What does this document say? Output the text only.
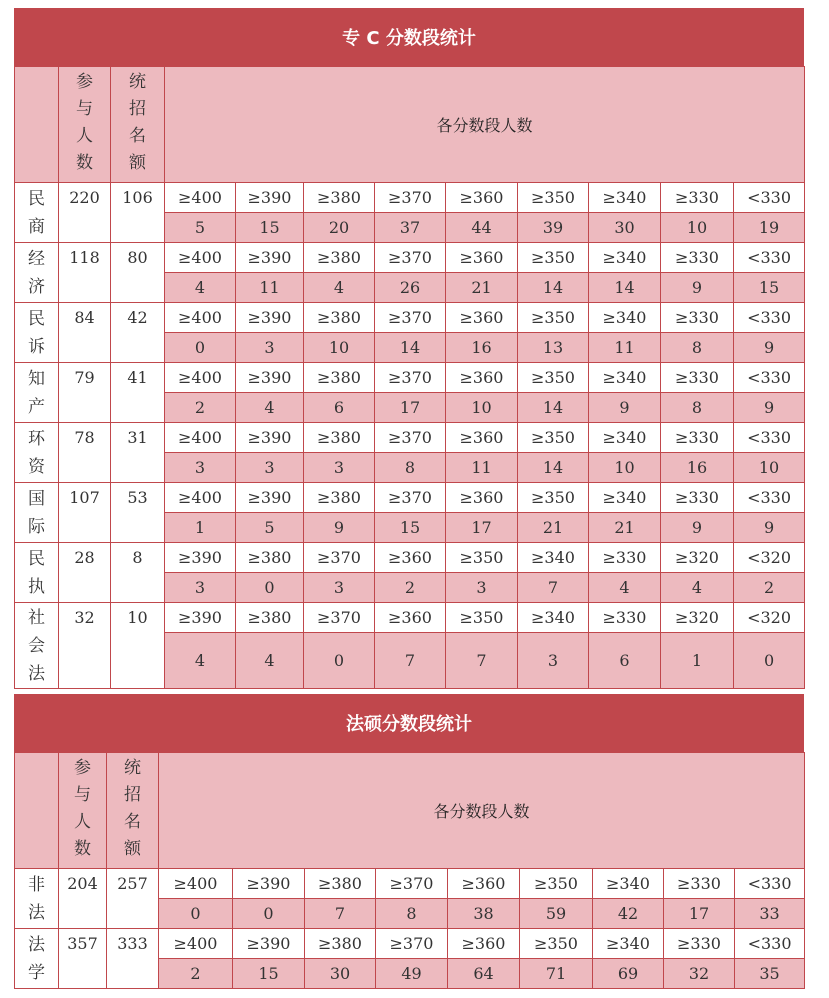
专 C 分数段统计

	参
与
人
数	统
招
名
额	各分数段人数								

民
商	220	106	≥400	≥390	≥380	≥370	≥360	≥350	≥340	≥330	<330
			5	15	20	37	44	39	30	10	19

经
济	118	80	≥400	≥390	≥380	≥370	≥360	≥350	≥340	≥330	<330
			4	11	4	26	21	14	14	9	15

民
诉	84	42	≥400	≥390	≥380	≥370	≥360	≥350	≥340	≥330	<330
			0	3	10	14	16	13	11	8	9

知
产	79	41	≥400	≥390	≥380	≥370	≥360	≥350	≥340	≥330	<330
			2	4	6	17	10	14	9	8	9

环
资	78	31	≥400	≥390	≥380	≥370	≥360	≥350	≥340	≥330	<330
			3	3	3	8	11	14	10	16	10

国
际	107	53	≥400	≥390	≥380	≥370	≥360	≥350	≥340	≥330	<330
			1	5	9	15	17	21	21	9	9

民
执	28	8	≥390	≥380	≥370	≥360	≥350	≥340	≥330	≥320	<320
			3	0	3	2	3	7	4	4	2

社
会
法	32	10	≥390	≥380	≥370	≥360	≥350	≥340	≥330	≥320	<320
			4	4	0	7	7	3	6	1	0
法硕分数段统计

	参
与
人
数	统
招
名
额	各分数段人数								

非
法	204	257	≥400	≥390	≥380	≥370	≥360	≥350	≥340	≥330	<330
			0	0	7	8	38	59	42	17	33

法
学	357	333	≥400	≥390	≥380	≥370	≥360	≥350	≥340	≥330	<330
			2	15	30	49	64	71	69	32	35
